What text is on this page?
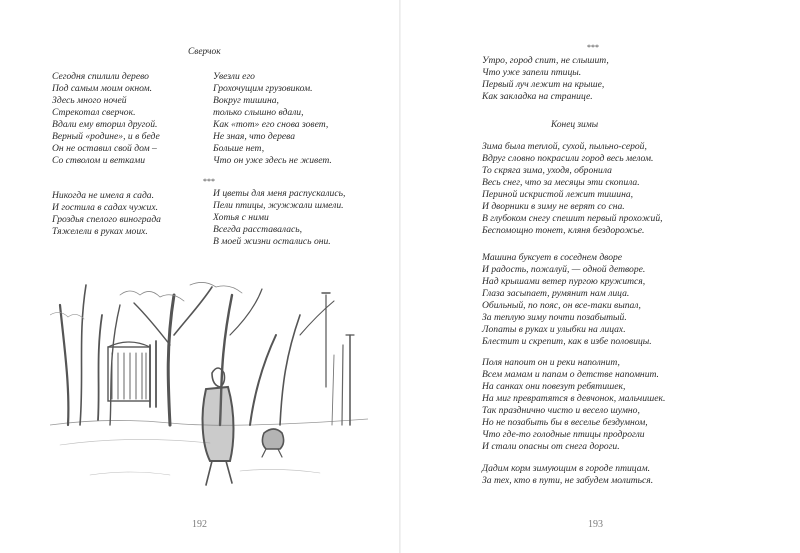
Сверчок
Сегодня спилили дерево
Под самым моим окном.
Здесь много ночей
Стрекотал сверчок.
Вдали ему вторил другой.
Верный «родине», и в беде
Он не оставил свой дом –
Со стволом и ветками
Никогда не имела я сада.
И гостила в садах чужих.
Гроздья спелого винограда
Тяжелели в руках моих.
Увезли его
Грохочущим грузовиком.
Вокруг тишина,
только слышно вдали,
Как «тот» его снова зовет,
Не зная, что дерева
Больше нет,
Что он уже здесь не живет.
***
И цветы для меня распускались,
Пели птицы, жужжали шмели.
Хотья с ними
Всегда расставалась,
В моей жизни остались они.
192
***
Утро, город спит, не слышит,
Что уже запели птицы.
Первый луч лежит на крыше,
Как закладка на странице.
Конец зимы
Зима была теплой, сухой, пыльно-серой,
Вдруг словно покрасили город весь мелом.
То скрягa зима, уходя, обронила
Весь снег, что за месяцы эти скопила.
Периной искристой лежит тишина,
И дворники в зиму не верят со сна.
В глубоком снегу спешит первый прохожий,
Беспомощно тонет, кляня бездорожье.
Машина буксует в соседнем дворе
И радость, пожалуй, — одной детворе.
Над крышами ветер пургою кружится,
Глаза засыпает, румянит нам лица.
Обильный, по пояс, он все-таки выпал,
За теплую зиму почти позабытый.
Лопаты в руках и улыбки на лицах.
Блестит и скрепит, как в избе половицы.
Поля напоит он и реки наполнит,
Всем мамам и папам о детстве напомнит.
На санках они повезут ребятишек,
На миг превратятся в девчонок, мальчишек.
Так празднично чисто и весело шумно,
Но не позабыть бы в веселье бездумном,
Что где-то голодные птицы продрогли
И стали опасны от снега дороги.
Дадим корм зимующим в городе птицам.
За тех, кто в пути, не забудем молиться.
193
